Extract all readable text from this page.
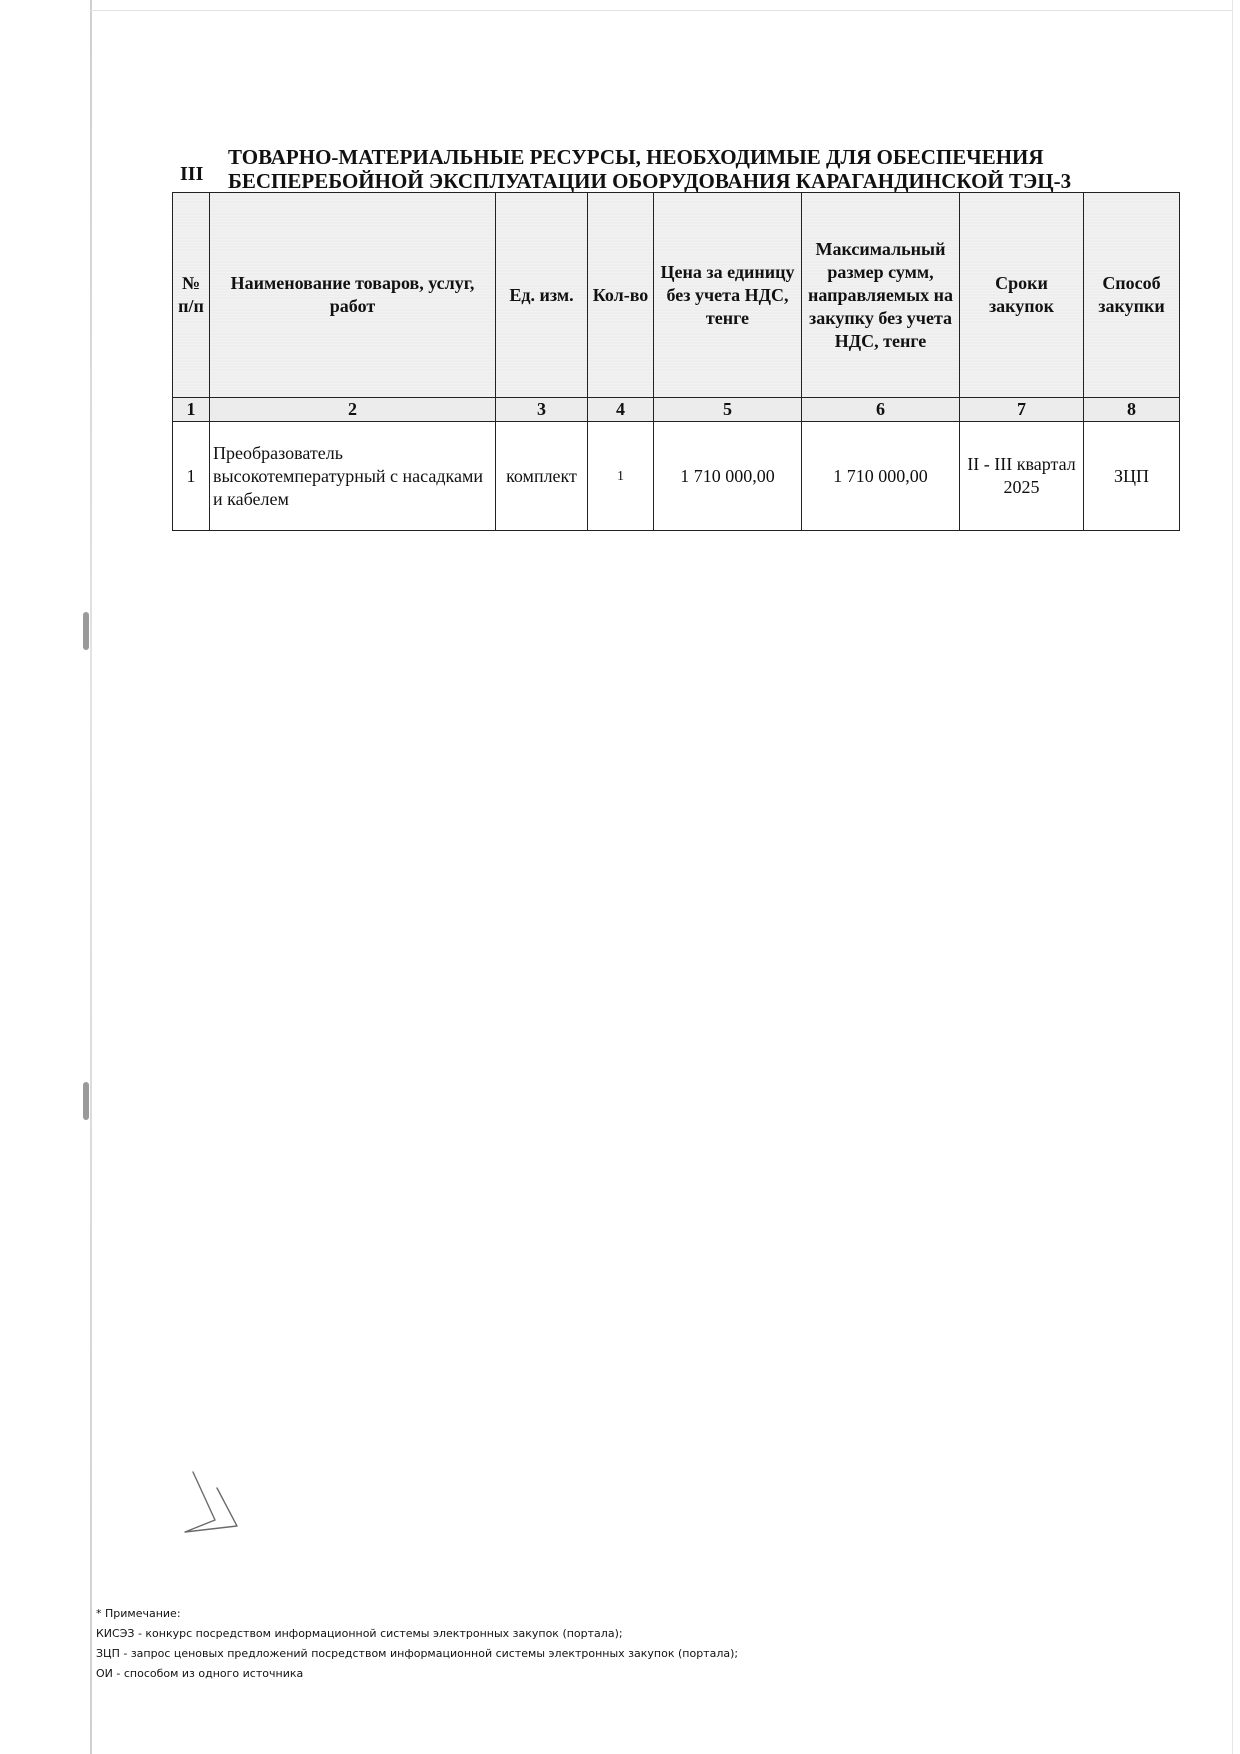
III
ТОВАРНО-МАТЕРИАЛЬНЫЕ РЕСУРСЫ, НЕОБХОДИМЫЕ ДЛЯ ОБЕСПЕЧЕНИЯ БЕСПЕРЕБОЙНОЙ ЭКСПЛУАТАЦИИ ОБОРУДОВАНИЯ КАРАГАНДИНСКОЙ ТЭЦ-3
№ п/п	Наименование товаров, услуг, работ	Ед. изм.	Кол-во	Цена за единицу без учета НДС, тенге	Максимальный размер сумм, направляемых на закупку без учета НДС, тенге	Сроки закупок	Способ закупки
1	2	3	4	5	6	7	8
1	Преобразователь высокотемпературный с насадками и кабелем	комплект	1	1 710 000,00	1 710 000,00	II - III квартал 2025	ЗЦП
* Примечание:
КИСЭЗ - конкурс посредством информационной системы электронных закупок (портала);
ЗЦП - запрос ценовых предложений посредством информационной системы электронных закупок (портала);
ОИ - способом из одного источника
